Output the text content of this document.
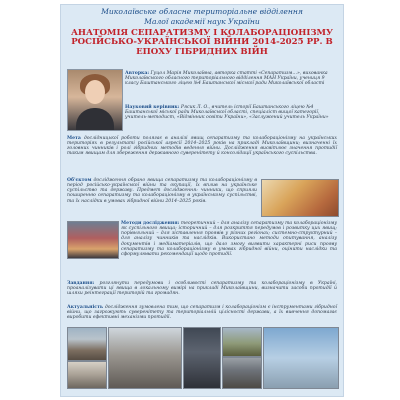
Миколаївське обласне територіальне відділення
Малої академії наук України
АНАТОМІЯ СЕПАРАТИЗМУ І КОЛАБОРАЦІОНІЗМУ РОСІЙСЬКО-УКРАЇНСЬКОЇ ВІЙНИ 2014-2025 РР. В ЕПОХУ ГІБРИДНИХ ВІЙН
Авторка: Гуцол Марія Миколаївна, авторка статті «Сепаратизм…», вихованка Миколаївського обласного територіального відділення МАН України, учениця 9 класу Баштанського ліцею №4 Баштанської міської ради Миколаївської області
Науковий керівник: Рясик Л. О., вчитель історії Баштанського ліцею №4 Баштанської міської ради Миколаївської області, спеціаліст вищої категорії, учитель-методист, «Відмінник освіти України», «Заслужений учитель України»
Мета дослідницької роботи полягає в аналізі явищ сепаратизму та колабораціонізму на українських територіях в результаті російської агресії 2014–2025 років на прикладі Миколаївщини; визначенні їх головних чинників і ролі гібридних методів ведення війни. Дослідження висвітлює значення протидії таким явищам для збереження державного суверенітету й консолідації українського суспільства.
Об'єктом дослідження обрано явища сепаратизму та колабораціонізму в період російсько-української війни та окупації, їх вплив на українське суспільство та державу. Предмет дослідження: чинники, що сприяли поширенню сепаратизму та колабораціонізму в українському суспільстві, та їх наслідки в умовах гібридної війни 2014–2025 років.
Методи дослідження: теоретичний – для аналізу сепаратизму та колабораціонізму як суспільного явища; історичний – для розкриття передумов і розвитку цих явищ; порівняльний – для зіставлення проявів у різних регіонах; системно-структурний – для аналізу чинників та наслідків. Використано методи опитування, аналізу документів і медіаматеріалів, що дало змогу виявити характерні риси прояву сепаратизму та колабораціонізму в умовах гібридної війни, оцінити наслідки та сформулювати рекомендації щодо протидії.
Завдання: розглянути передумови і особливості сепаратизму та колабораціонізму в Україні, проаналізувати ці явища в локальному вимірі на прикладі Миколаївщини, визначити засоби протидії й шляхи реінтеграції територій та громадян.
Актуальність дослідження зумовлена тим, що сепаратизм і колабораціонізм є інструментами гібридної війни, що загрожують суверенітету та територіальній цілісності держави, а їх вивчення допомагає виробити ефективні механізми протидії.
